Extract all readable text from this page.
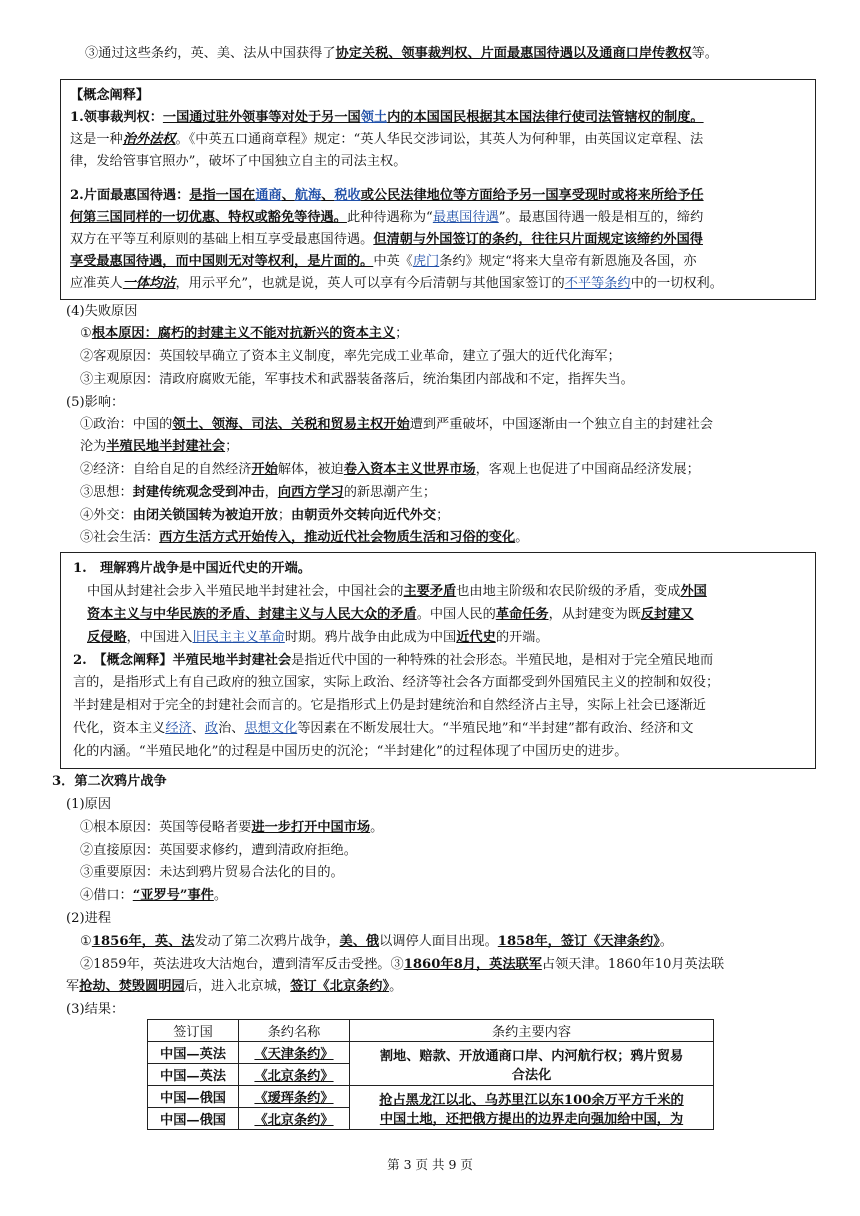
③通过这些条约，英、美、法从中国获得了协定关税、领事裁判权、片面最惠国待遇以及通商口岸传教权等。
【概念阐释】
1.领事裁判权：一国通过驻外领事等对处于另一国领土内的本国国民根据其本国法律行使司法管辖权的制度。
这是一种治外法权。《中英五口通商章程》规定：“英人华民交涉词讼，其英人为何种罪，由英国议定章程、法
律，发给管事官照办”，破坏了中国独立自主的司法主权。
2.片面最惠国待遇：是指一国在通商、航海、税收或公民法律地位等方面给予另一国享受现时或将来所给予任
何第三国同样的一切优惠、特权或豁免等待遇。此种待遇称为“最惠国待遇”。最惠国待遇一般是相互的，缔约
双方在平等互利原则的基础上相互享受最惠国待遇。但清朝与外国签订的条约，往往只片面规定该缔约外国得
享受最惠国待遇，而中国则无对等权利，是片面的。中英《虎门条约》规定“将来大皇帝有新恩施及各国，亦
应准英人一体均沾，用示平允”，也就是说，英人可以享有今后清朝与其他国家签订的不平等条约中的一切权利。
(4)失败原因
①根本原因：腐朽的封建主义不能对抗新兴的资本主义；
②客观原因：英国较早确立了资本主义制度，率先完成工业革命，建立了强大的近代化海军；
③主观原因：清政府腐败无能，军事技术和武器装备落后，统治集团内部战和不定，指挥失当。
(5)影响：
①政治：中国的领土、领海、司法、关税和贸易主权开始遭到严重破坏，中国逐渐由一个独立自主的封建社会
沦为半殖民地半封建社会；
②经济：自给自足的自然经济开始解体，被迫卷入资本主义世界市场，客观上也促进了中国商品经济发展；
③思想：封建传统观念受到冲击，向西方学习的新思潮产生；
④外交：由闭关锁国转为被迫开放；由朝贡外交转向近代外交；
⑤社会生活：西方生活方式开始传入，推动近代社会物质生活和习俗的变化。
1.　理解鸦片战争是中国近代史的开端。
中国从封建社会步入半殖民地半封建社会，中国社会的主要矛盾也由地主阶级和农民阶级的矛盾，变成外国
资本主义与中华民族的矛盾、封建主义与人民大众的矛盾。中国人民的革命任务，从封建变为既反封建又
反侵略，中国进入旧民主主义革命时期。鸦片战争由此成为中国近代史的开端。
2.　【概念阐释】半殖民地半封建社会是指近代中国的一种特殊的社会形态。半殖民地，是相对于完全殖民地而
言的，是指形式上有自己政府的独立国家，实际上政治、经济等社会各方面都受到外国殖民主义的控制和奴役；
半封建是相对于完全的封建社会而言的。它是指形式上仍是封建统治和自然经济占主导，实际上社会已逐渐近
代化，资本主义经济、政治、思想文化等因素在不断发展壮大。“半殖民地”和“半封建”都有政治、经济和文
化的内涵。“半殖民地化”的过程是中国历史的沉沦；“半封建化”的过程体现了中国历史的进步。
3．第二次鸦片战争
(1)原因
①根本原因：英国等侵略者要进一步打开中国市场。
②直接原因：英国要求修约，遭到清政府拒绝。
③重要原因：未达到鸦片贸易合法化的目的。
④借口：“亚罗号”事件。
(2)进程
①1856年，英、法发动了第二次鸦片战争，美、俄以调停人面目出现。1858年，签订《天津条约》。
②1859年，英法进攻大沽炮台，遭到清军反击受挫。③1860年8月，英法联军占领天津。1860年10月英法联
军抢劫、焚毁圆明园后，进入北京城，签订《北京条约》。
(3)结果：
签订国	条约名称	条约主要内容
中国—英法	《天津条约》	割地、赔款、开放通商口岸、内河航行权；鸦片贸易
合法化

中国—英法	《北京条约》	
中国—俄国	《瑷珲条约》	抢占黑龙江以北、乌苏里江以东100余万平方千米的
中国土地，还把俄方提出的边界走向强加给中国，为

中国—俄国	《北京条约》	
第 3 页 共 9 页
